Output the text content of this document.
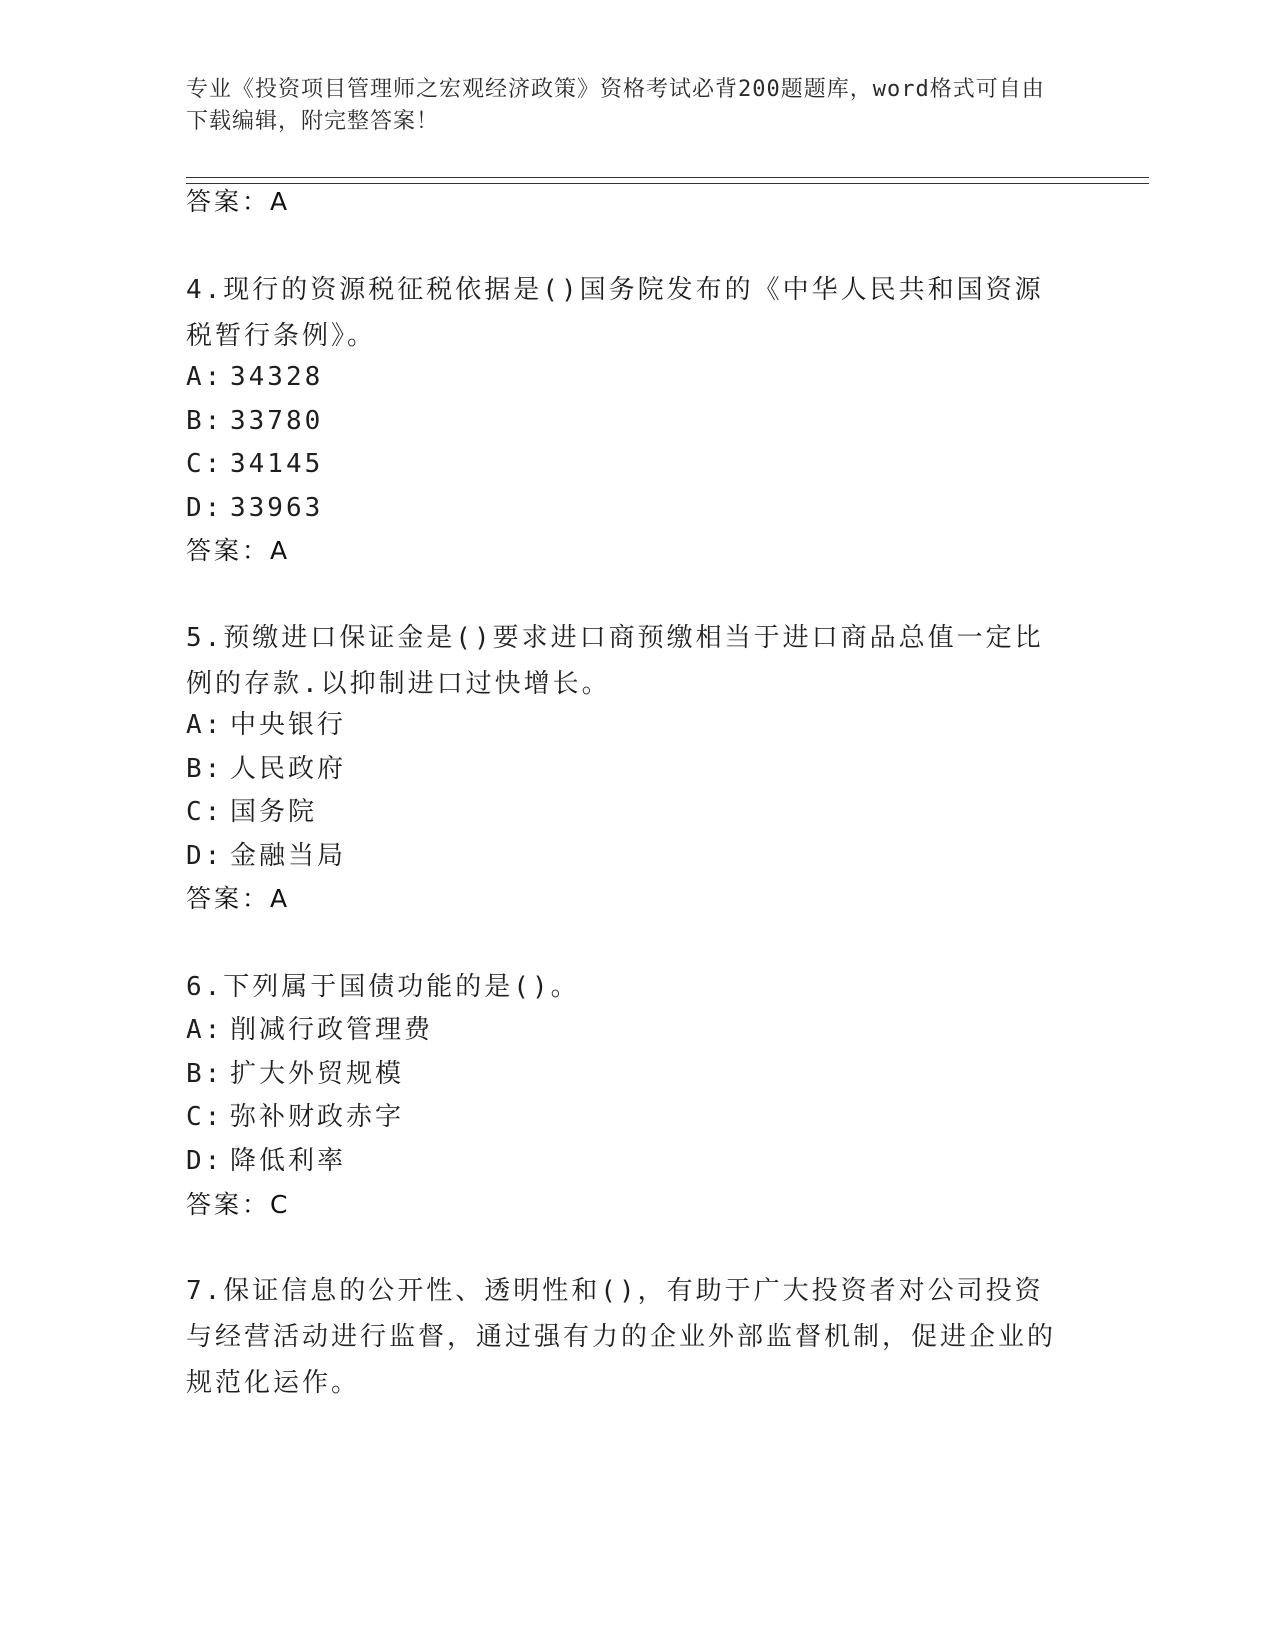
专业《投资项目管理师之宏观经济政策》资格考试必背200题题库，word格式可自由下载编辑，附完整答案！
答案：A
4.现行的资源税征税依据是()国务院发布的《中华人民共和国资源税暂行条例》。
A: 34328
B: 33780
C: 34145
D: 33963
答案：A
5.预缴进口保证金是()要求进口商预缴相当于进口商品总值一定比例的存款.以抑制进口过快增长。
A: 中央银行
B: 人民政府
C: 国务院
D: 金融当局
答案：A
6.下列属于国债功能的是()。
A: 削减行政管理费
B: 扩大外贸规模
C: 弥补财政赤字
D: 降低利率
答案：C
7.保证信息的公开性、透明性和()，有助于广大投资者对公司投资与经营活动进行监督，通过强有力的企业外部监督机制，促进企业的规范化运作。
